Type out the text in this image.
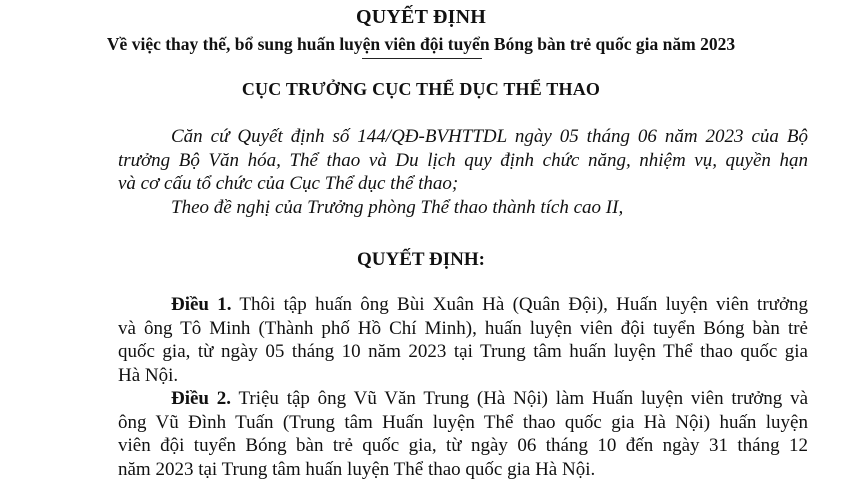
QUYẾT ĐỊNH
Về việc thay thế, bổ sung huấn luyện viên đội tuyển Bóng bàn trẻ quốc gia năm 2023
CỤC TRƯỞNG CỤC THỂ DỤC THỂ THAO
Căn cứ Quyết định số 144/QĐ-BVHTTDL ngày 05 tháng 06 năm 2023 của Bộ
trưởng Bộ Văn hóa, Thể thao và Du lịch quy định chức năng, nhiệm vụ, quyền hạn
và cơ cấu tổ chức của Cục Thể dục thể thao;
Theo đề nghị của Trưởng phòng Thể thao thành tích cao II,
QUYẾT ĐỊNH:
Điều 1. Thôi tập huấn ông Bùi Xuân Hà (Quân Đội), Huấn luyện viên trưởng
và ông Tô Minh (Thành phố Hồ Chí Minh), huấn luyện viên đội tuyển Bóng bàn trẻ
quốc gia, từ ngày 05 tháng 10 năm 2023 tại Trung tâm huấn luyện Thể thao quốc gia
Hà Nội.
Điều 2. Triệu tập ông Vũ Văn Trung (Hà Nội) làm Huấn luyện viên trưởng và
ông Vũ Đình Tuấn (Trung tâm Huấn luyện Thể thao quốc gia Hà Nội) huấn luyện
viên đội tuyển Bóng bàn trẻ quốc gia, từ ngày 06 tháng 10 đến ngày 31 tháng 12
năm 2023 tại Trung tâm huấn luyện Thể thao quốc gia Hà Nội.
